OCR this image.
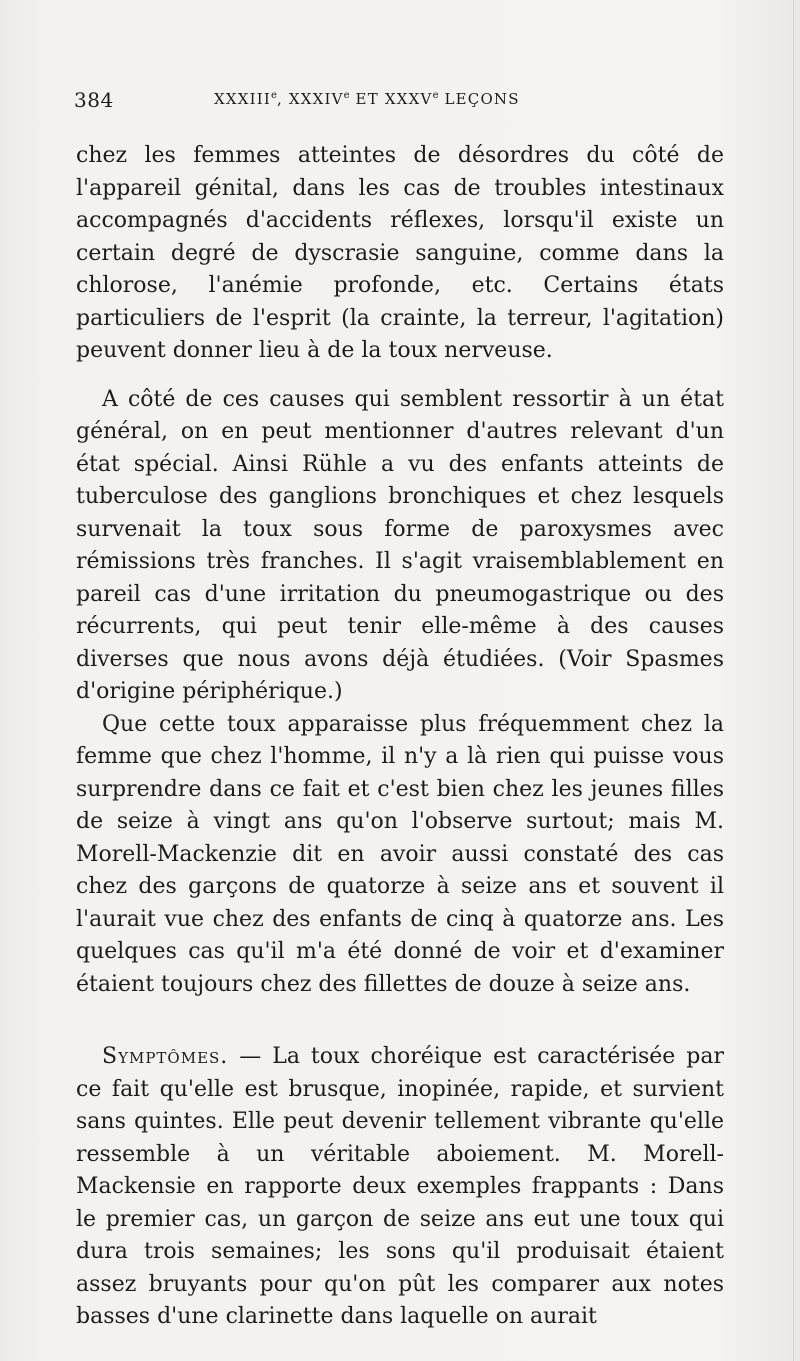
384	XXXIIIe, XXXIVe ET XXXVe LEÇONS

chez les femmes atteintes de désordres du côté de l'appareil génital, dans les cas de troubles intestinaux accompagnés d'accidents réflexes, lorsqu'il existe un certain degré de dyscrasie sanguine, comme dans la chlorose, l'anémie profonde, etc. Certains états particuliers de l'esprit (la crainte, la terreur, l'agitation) peuvent donner lieu à de la toux nerveuse.

A côté de ces causes qui semblent ressortir à un état général, on en peut mentionner d'autres relevant d'un état spécial. Ainsi Rühle a vu des enfants atteints de tuberculose des ganglions bronchiques et chez lesquels survenait la toux sous forme de paroxysmes avec rémissions très franches. Il s'agit vraisemblablement en pareil cas d'une irritation du pneumogastrique ou des récurrents, qui peut tenir elle-même à des causes diverses que nous avons déjà étudiées. (Voir Spasmes d'origine périphérique.)

Que cette toux apparaisse plus fréquemment chez la femme que chez l'homme, il n'y a là rien qui puisse vous surprendre dans ce fait et c'est bien chez les jeunes filles de seize à vingt ans qu'on l'observe surtout; mais M. Morell-Mackenzie dit en avoir aussi constaté des cas chez des garçons de quatorze à seize ans et souvent il l'aurait vue chez des enfants de cinq à quatorze ans. Les quelques cas qu'il m'a été donné de voir et d'examiner étaient toujours chez des fillettes de douze à seize ans.

Symptômes. — La toux choréique est caractérisée par ce fait qu'elle est brusque, inopinée, rapide, et survient sans quintes. Elle peut devenir tellement vibrante qu'elle ressemble à un véritable aboiement. M. Morell-Mackensie en rapporte deux exemples frappants : Dans le premier cas, un garçon de seize ans eut une toux qui dura trois semaines; les sons qu'il produisait étaient assez bruyants pour qu'on pût les comparer aux notes basses d'une clarinette dans laquelle on aurait
